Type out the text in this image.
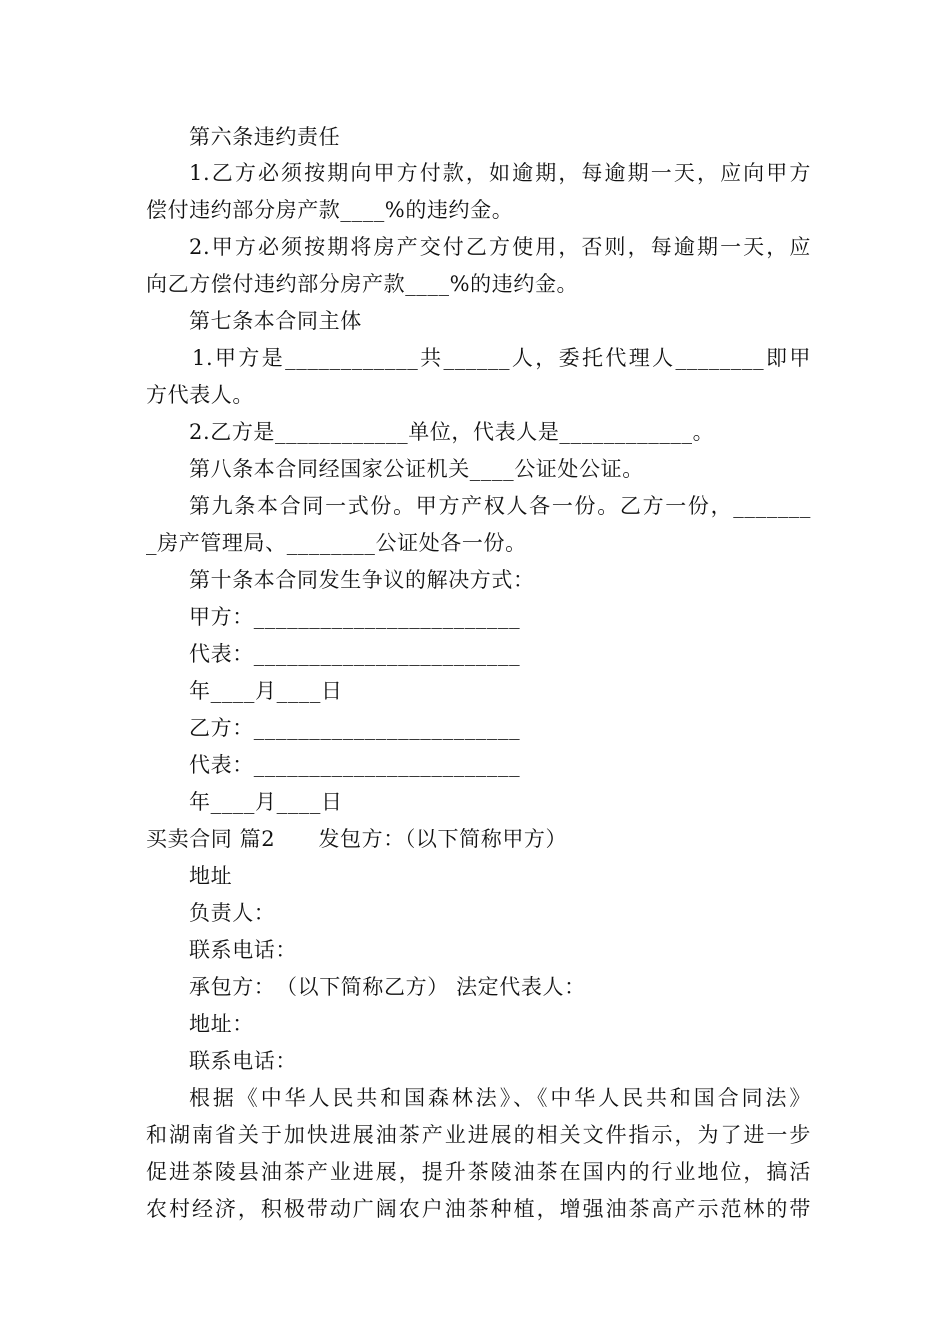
第六条违约责任
1.乙方必须按期向甲方付款，如逾期，每逾期一天，应向甲方
偿付违约部分房产款____%的违约金。
2.甲方必须按期将房产交付乙方使用，否则，每逾期一天，应
向乙方偿付违约部分房产款____%的违约金。
第七条本合同主体
1.甲方是____________共______人，委托代理人________即甲
方代表人。
2.乙方是____________单位，代表人是____________。
第八条本合同经国家公证机关____公证处公证。
第九条本合同一式份。甲方产权人各一份。乙方一份，_______
_房产管理局、________公证处各一份。
第十条本合同发生争议的解决方式：
甲方：________________________
代表：________________________
年____月____日
乙方：________________________
代表：________________________
年____月____日
买卖合同 篇2　　发包方：（以下简称甲方）
地址
负责人：
联系电话：
承包方：　（以下简称乙方） 法定代表人：
地址：
联系电话：
根据《中华人民共和国森林法》、《中华人民共和国合同法》
和湖南省关于加快进展油茶产业进展的相关文件指示，为了进一步
促进茶陵县油茶产业进展，提升茶陵油茶在国内的行业地位，搞活
农村经济，积极带动广阔农户油茶种植，增强油茶高产示范林的带
